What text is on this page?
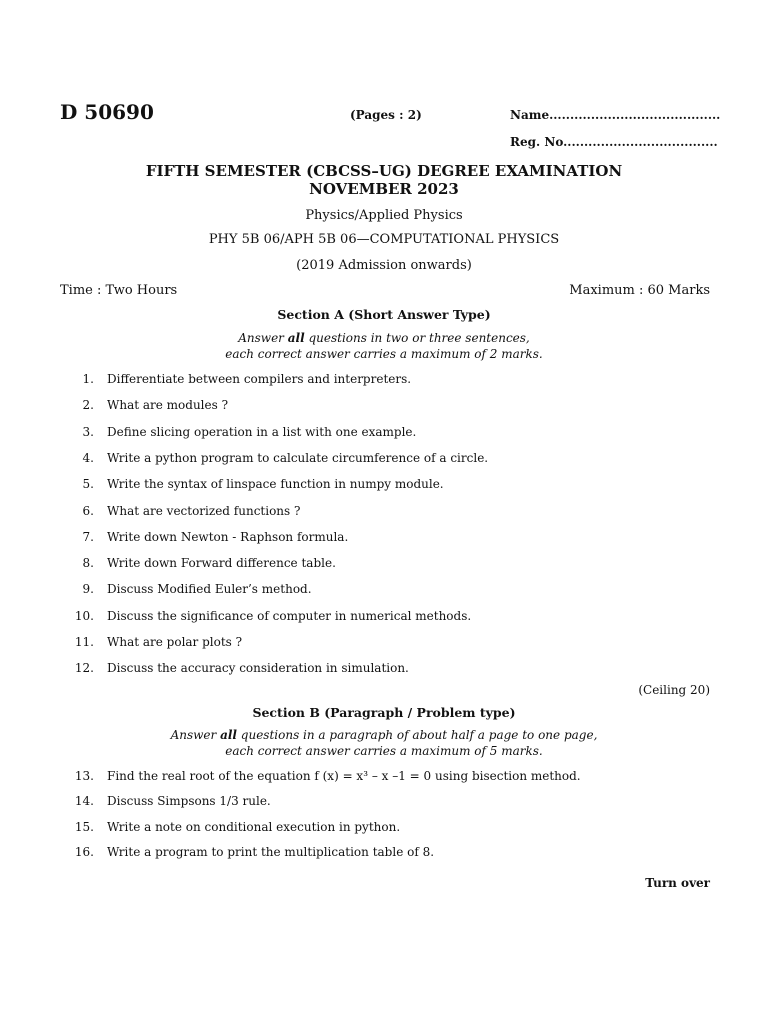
D 50690	(Pages : 2)	Name.........................................
Reg. No.....................................
FIFTH SEMESTER (CBCSS–UG) DEGREE EXAMINATION
NOVEMBER 2023
Physics/Applied Physics
PHY 5B 06/APH 5B 06—COMPUTATIONAL PHYSICS
(2019 Admission onwards)
Time : Two Hours	Maximum : 60 Marks
Section A (Short Answer Type)
Answer all questions in two or three sentences,
each correct answer carries a maximum of 2 marks.
1. Differentiate between compilers and interpreters.
2. What are modules ?
3. Define slicing operation in a list with one example.
4. Write a python program to calculate circumference of a circle.
5. Write the syntax of linspace function in numpy module.
6. What are vectorized functions ?
7. Write down Newton - Raphson formula.
8. Write down Forward difference table.
9. Discuss Modified Euler’s method.
10. Discuss the significance of computer in numerical methods.
11. What are polar plots ?
12. Discuss the accuracy consideration in simulation.
(Ceiling 20)
Section B (Paragraph / Problem type)
Answer all questions in a paragraph of about half a page to one page,
each correct answer carries a maximum of 5 marks.
13. Find the real root of the equation f (x) = x³ – x –1 = 0 using bisection method.
14. Discuss Simpsons 1/3 rule.
15. Write a note on conditional execution in python.
16. Write a program to print the multiplication table of 8.
Turn over
